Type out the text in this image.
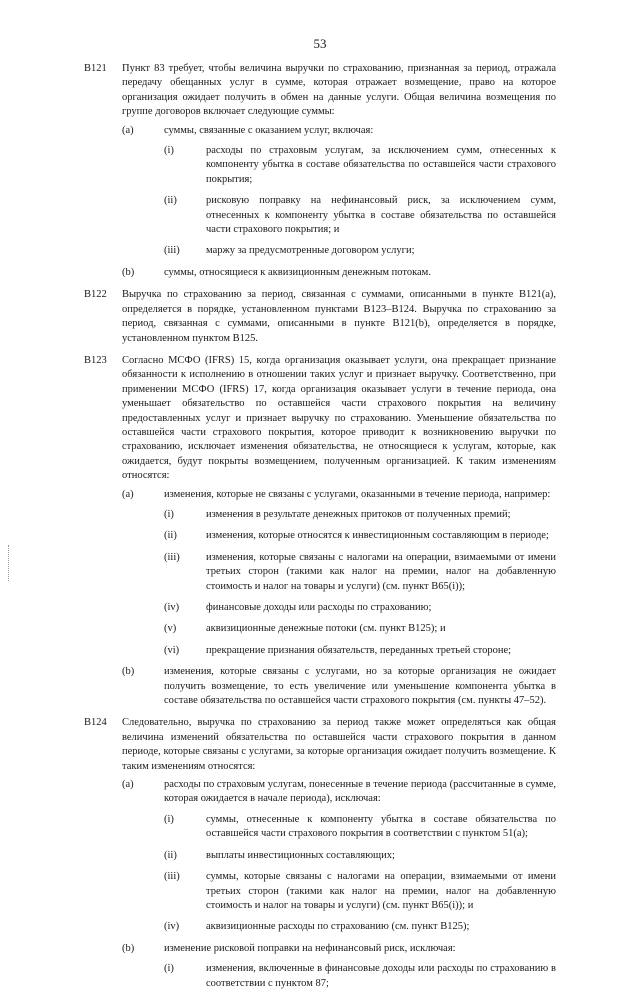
53
B121 Пункт 83 требует, чтобы величина выручки по страхованию, признанная за период, отражала передачу обещанных услуг в сумме, которая отражает возмещение, право на которое организация ожидает получить в обмен на данные услуги. Общая величина возмещения по группе договоров включает следующие суммы:
(a)	суммы, связанные с оказанием услуг, включая:
(i)	расходы по страховым услугам, за исключением сумм, отнесенных к компоненту убытка в составе обязательства по оставшейся части страхового покрытия;
(ii)	рисковую поправку на нефинансовый риск, за исключением сумм, отнесенных к компоненту убытка в составе обязательства по оставшейся части страхового покрытия; и
(iii)	маржу за предусмотренные договором услуги;
(b)	суммы, относящиеся к аквизиционным денежным потокам.
B122 Выручка по страхованию за период, связанная с суммами, описанными в пункте B121(a), определяется в порядке, установленном пунктами B123–B124. Выручка по страхованию за период, связанная с суммами, описанными в пункте B121(b), определяется в порядке, установленном пунктом B125.
B123 Согласно МСФО (IFRS) 15, когда организация оказывает услуги, она прекращает признание обязанности к исполнению в отношении таких услуг и признает выручку. Соответственно, при применении МСФО (IFRS) 17, когда организация оказывает услуги в течение периода, она уменьшает обязательство по оставшейся части страхового покрытия на величину предоставленных услуг и признает выручку по страхованию. Уменьшение обязательства по оставшейся части страхового покрытия, которое приводит к возникновению выручки по страхованию, исключает изменения обязательства, не относящиеся к услугам, которые, как ожидается, будут покрыты возмещением, полученным организацией. К таким изменениям относятся:
(a)	изменения, которые не связаны с услугами, оказанными в течение периода, например:
(i)	изменения в результате денежных притоков от полученных премий;
(ii)	изменения, которые относятся к инвестиционным составляющим в периоде;
(iii)	изменения, которые связаны с налогами на операции, взимаемыми от имени третьих сторон (такими как налог на премии, налог на добавленную стоимость и налог на товары и услуги) (см. пункт B65(i));
(iv)	финансовые доходы или расходы по страхованию;
(v)	аквизиционные денежные потоки (см. пункт B125); и
(vi)	прекращение признания обязательств, переданных третьей стороне;
(b)	изменения, которые связаны с услугами, но за которые организация не ожидает получить возмещение, то есть увеличение или уменьшение компонента убытка в составе обязательства по оставшейся части страхового покрытия (см. пункты 47–52).
B124 Следовательно, выручка по страхованию за период также может определяться как общая величина изменений обязательства по оставшейся части страхового покрытия в данном периоде, которые связаны с услугами, за которые организация ожидает получить возмещение. К таким изменениям относятся:
(a)	расходы по страховым услугам, понесенные в течение периода (рассчитанные в сумме, которая ожидается в начале периода), исключая:
(i)	суммы, отнесенные к компоненту убытка в составе обязательства по оставшейся части страхового покрытия в соответствии с пунктом 51(a);
(ii)	выплаты инвестиционных составляющих;
(iii)	суммы, которые связаны с налогами на операции, взимаемыми от имени третьих сторон (такими как налог на премии, налог на добавленную стоимость и налог на товары и услуги) (см. пункт B65(i)); и
(iv)	аквизиционные расходы по страхованию (см. пункт B125);
(b)	изменение рисковой поправки на нефинансовый риск, исключая:
(i)	изменения, включенные в финансовые доходы или расходы по страхованию в соответствии с пунктом 87;
